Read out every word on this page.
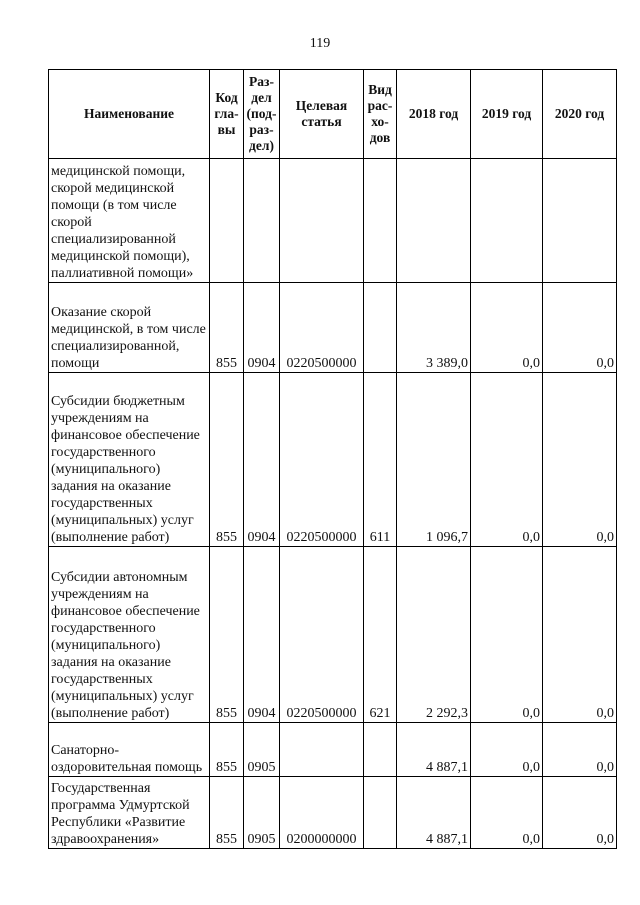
119
Наименование	Код гла- вы	Раз- дел (под- раз- дел)	Целевая статья	Вид рас- хо- дов	2018 год	2019 год	2020 год
медицинской помощи, скорой медицинской помощи (в том числе скорой специализированной медицинской помощи), паллиативной помощи»							
Оказание скорой медицинской, в том числе специализированной, помощи	855	0904	0220500000		3 389,0	0,0	0,0
Субсидии бюджетным учреждениям на финансовое обеспечение государственного (муниципального) задания на оказание государственных (муниципальных) услуг (выполнение работ)	855	0904	0220500000	611	1 096,7	0,0	0,0
Субсидии автономным учреждениям на финансовое обеспечение государственного (муниципального) задания на оказание государственных (муниципальных) услуг (выполнение работ)	855	0904	0220500000	621	2 292,3	0,0	0,0
Санаторно-оздоровительная помощь	855	0905			4 887,1	0,0	0,0
Государственная программа Удмуртской Республики «Развитие здравоохранения»	855	0905	0200000000		4 887,1	0,0	0,0
